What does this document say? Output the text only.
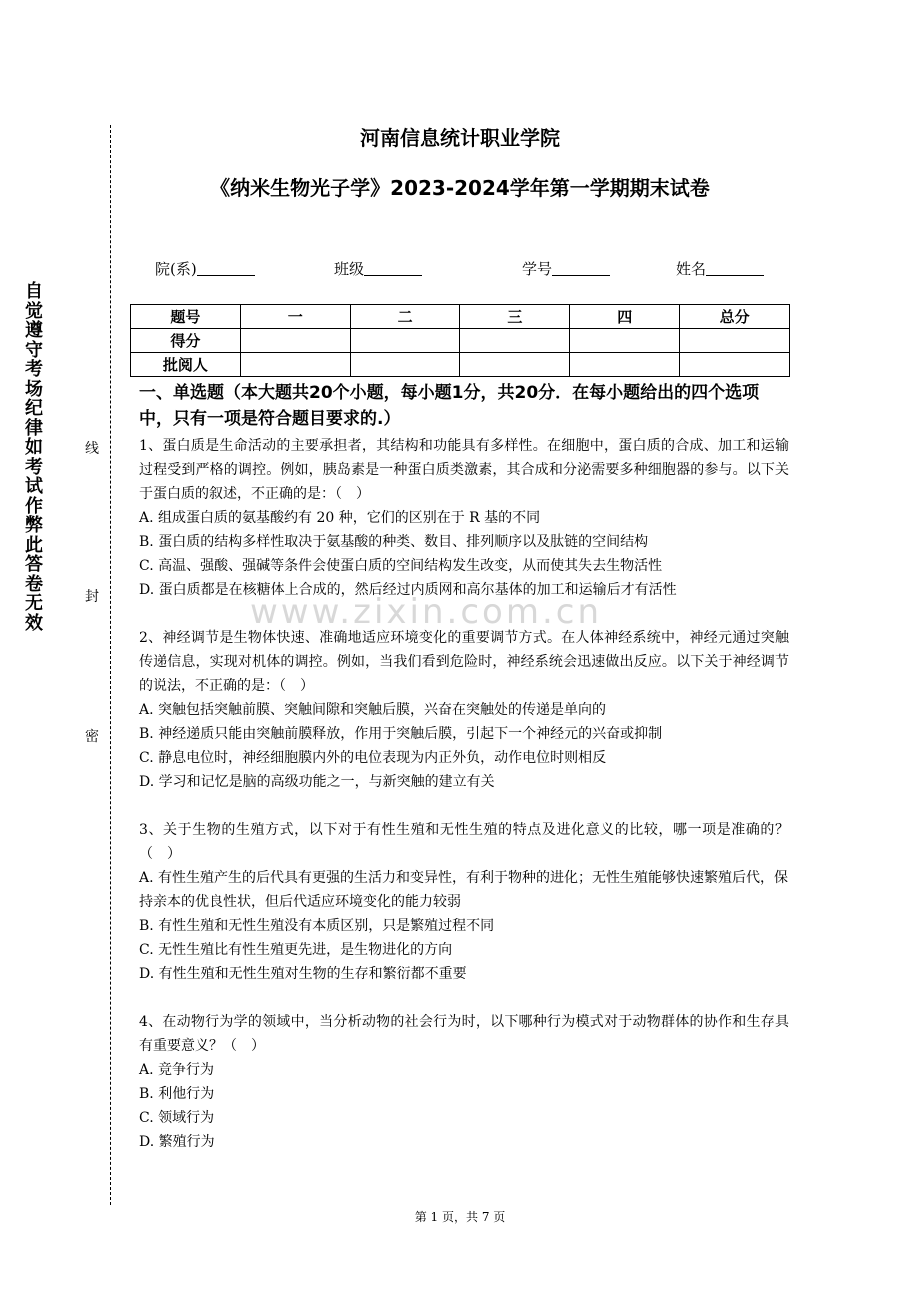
自觉遵守考场纪律如考试作弊此答卷无效
线
封
密
河南信息统计职业学院
《纳米生物光子学》2023-2024学年第一学期期末试卷
院(系)	班级	学号	姓名
题号	一	二	三	四	总分
得分					
批阅人					

一、单选题（本大题共20个小题，每小题1分，共20分．在每小题给出的四个选项中，只有一项是符合题目要求的.）

1、蛋白质是生命活动的主要承担者，其结构和功能具有多样性。在细胞中，蛋白质的合成、加工和运输过程受到严格的调控。例如，胰岛素是一种蛋白质类激素，其合成和分泌需要多种细胞器的参与。以下关于蛋白质的叙述，不正确的是：（　）

A. 组成蛋白质的氨基酸约有 20 种，它们的区别在于 R 基的不同

B. 蛋白质的结构多样性取决于氨基酸的种类、数目、排列顺序以及肽链的空间结构

C. 高温、强酸、强碱等条件会使蛋白质的空间结构发生改变，从而使其失去生物活性

D. 蛋白质都是在核糖体上合成的，然后经过内质网和高尔基体的加工和运输后才有活性

2、神经调节是生物体快速、准确地适应环境变化的重要调节方式。在人体神经系统中，神经元通过突触传递信息，实现对机体的调控。例如，当我们看到危险时，神经系统会迅速做出反应。以下关于神经调节的说法，不正确的是：（　）

A. 突触包括突触前膜、突触间隙和突触后膜，兴奋在突触处的传递是单向的

B. 神经递质只能由突触前膜释放，作用于突触后膜，引起下一个神经元的兴奋或抑制

C. 静息电位时，神经细胞膜内外的电位表现为内正外负，动作电位时则相反

D. 学习和记忆是脑的高级功能之一，与新突触的建立有关

3、关于生物的生殖方式，以下对于有性生殖和无性生殖的特点及进化意义的比较，哪一项是准确的？（　）

A. 有性生殖产生的后代具有更强的生活力和变异性，有利于物种的进化；无性生殖能够快速繁殖后代，保持亲本的优良性状，但后代适应环境变化的能力较弱

B. 有性生殖和无性生殖没有本质区别，只是繁殖过程不同

C. 无性生殖比有性生殖更先进，是生物进化的方向

D. 有性生殖和无性生殖对生物的生存和繁衍都不重要

4、在动物行为学的领域中，当分析动物的社会行为时，以下哪种行为模式对于动物群体的协作和生存具有重要意义？（　）

A. 竞争行为

B. 利他行为

C. 领域行为

D. 繁殖行为

www.zixin.com.cn
第 1 页，共 7 页
